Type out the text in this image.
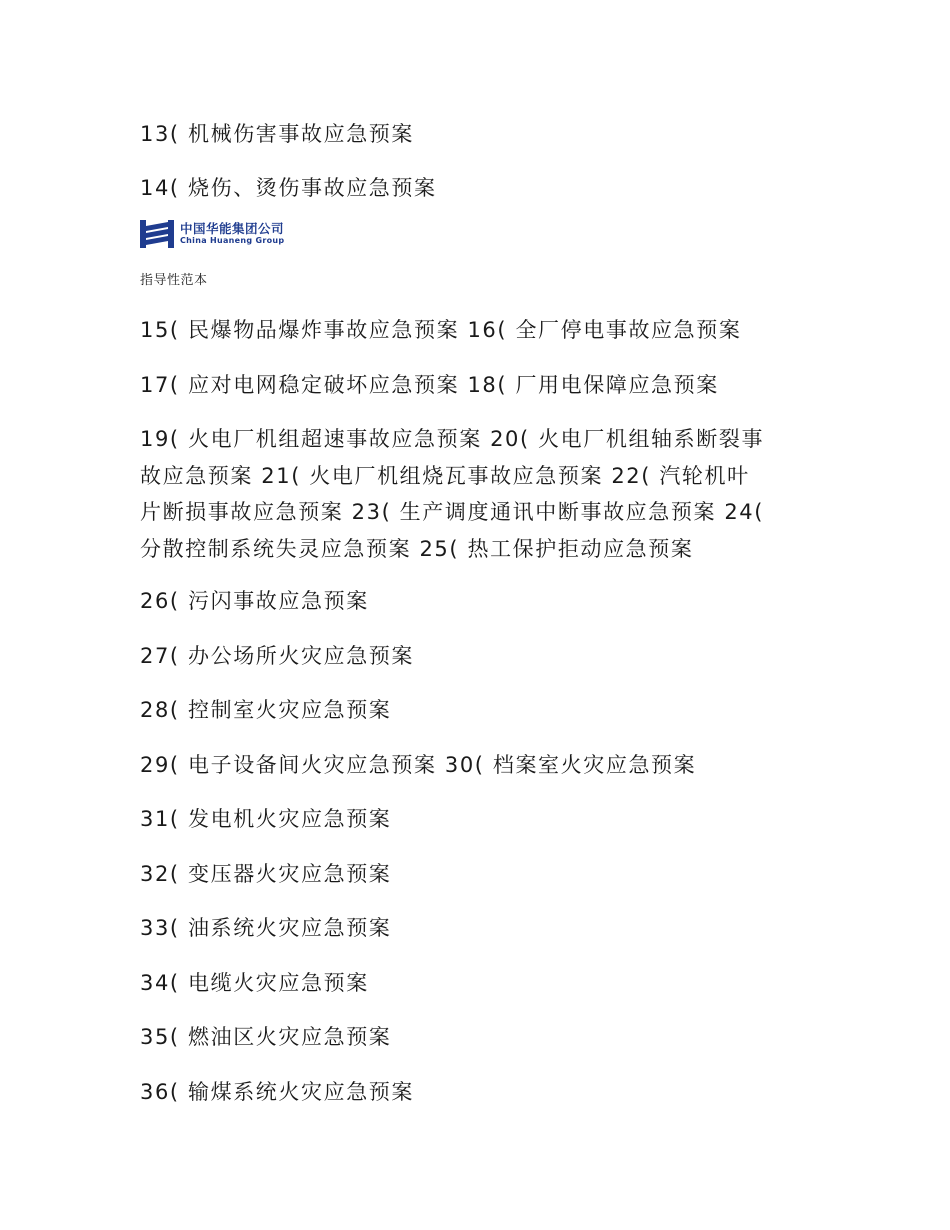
13( 机械伤害事故应急预案
14( 烧伤、烫伤事故应急预案
中国华能集团公司
China Huaneng Group
指导性范本
15( 民爆物品爆炸事故应急预案 16( 全厂停电事故应急预案
17( 应对电网稳定破坏应急预案 18( 厂用电保障应急预案
19( 火电厂机组超速事故应急预案 20( 火电厂机组轴系断裂事
故应急预案 21( 火电厂机组烧瓦事故应急预案 22( 汽轮机叶
片断损事故应急预案 23( 生产调度通讯中断事故应急预案 24(
分散控制系统失灵应急预案 25( 热工保护拒动应急预案
26( 污闪事故应急预案
27( 办公场所火灾应急预案
28( 控制室火灾应急预案
29( 电子设备间火灾应急预案 30( 档案室火灾应急预案
31( 发电机火灾应急预案
32( 变压器火灾应急预案
33( 油系统火灾应急预案
34( 电缆火灾应急预案
35( 燃油区火灾应急预案
36( 输煤系统火灾应急预案
